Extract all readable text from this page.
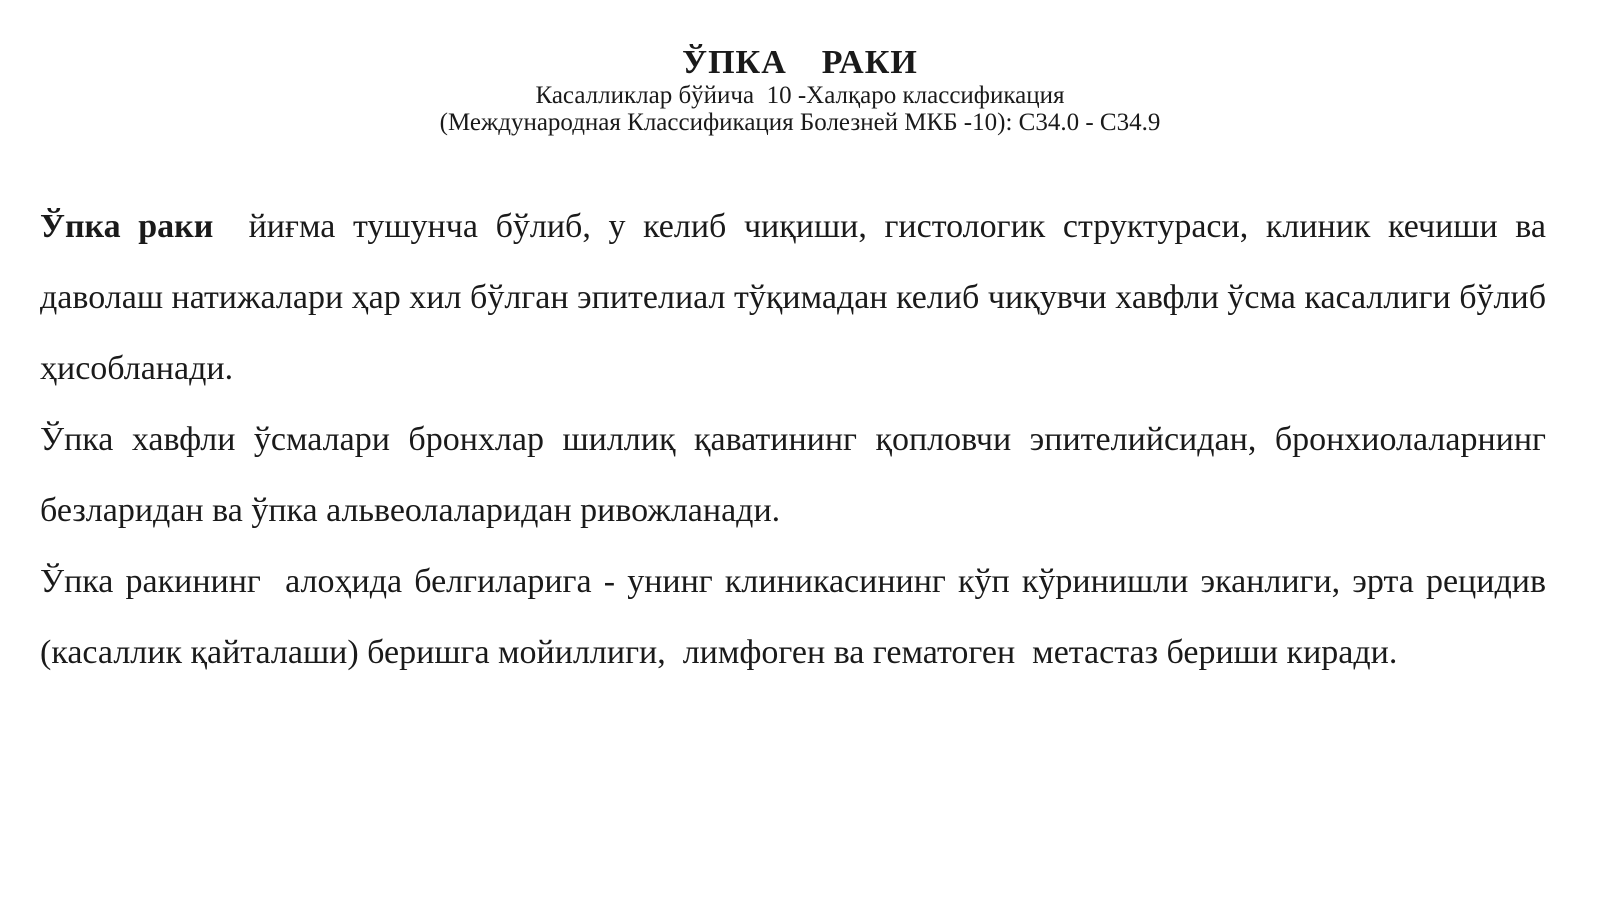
ЎПКА  РАКИ
Касалликлар бўйича  10 -Халқаро классификация
(Международная Классификация Болезней МКБ -10): С34.0 - С34.9

Ўпка раки  йиғма тушунча бўлиб, у келиб чиқиши, гистологик структураси, клиник кечиши ва даволаш натижалари ҳар хил бўлган эпителиал тўқимадан келиб чиқувчи хавфли ўсма касаллиги бўлиб ҳисобланади.

Ўпка хавфли ўсмалари бронхлар шиллиқ қаватининг қопловчи эпителийсидан, бронхиолаларнинг безларидан ва ўпка альвеолаларидан ривожланади.

Ўпка ракининг  алоҳида белгиларига - унинг клиникасининг кўп кўринишли эканлиги, эрта рецидив (касаллик қайталаши) беришга мойиллиги,  лимфоген ва гематоген  метастаз бериши киради.
